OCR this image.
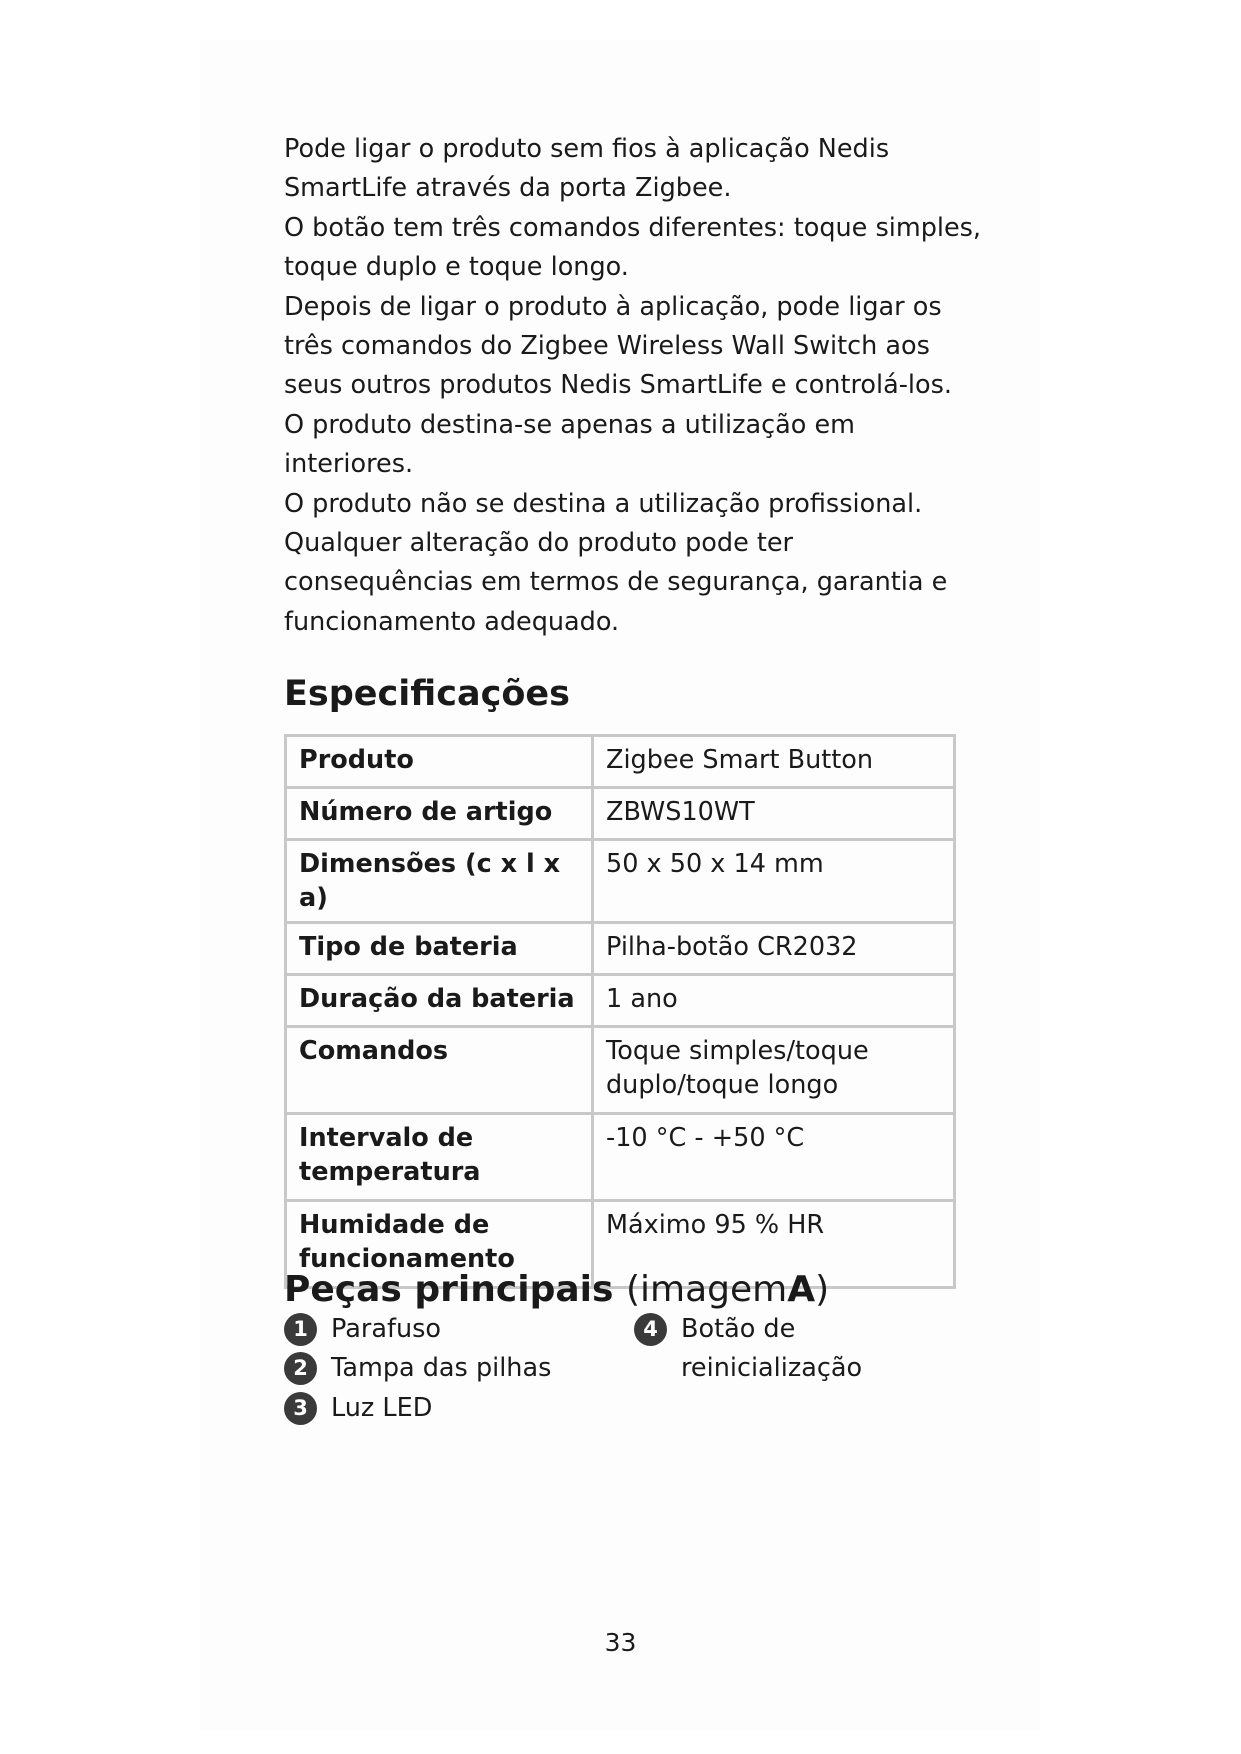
Pode ligar o produto sem fios à aplicação Nedis SmartLife através da porta Zigbee.

O botão tem três comandos diferentes: toque simples, toque duplo e toque longo.

Depois de ligar o produto à aplicação, pode ligar os três comandos do Zigbee Wireless Wall Switch aos seus outros produtos Nedis SmartLife e controlá-los.

O produto destina-se apenas a utilização em interiores.

O produto não se destina a utilização profissional.

Qualquer alteração do produto pode ter consequências em termos de segurança, garantia e funcionamento adequado.

Especificações
Produto	Zigbee Smart Button
Número de artigo	ZBWS10WT
Dimensões (c x l x a)	50 x 50 x 14 mm
Tipo de bateria	Pilha-botão CR2032
Duração da bateria	1 ano
Comandos	Toque simples/toque duplo/toque longo
Intervalo de temperatura	-10 °C - +50 °C
Humidade de funcionamento	Máximo 95 % HR
Peças principais (imagemA)
1 Parafuso
2 Tampa das pilhas
3 Luz LED
4 Botão de reinicialização
33
